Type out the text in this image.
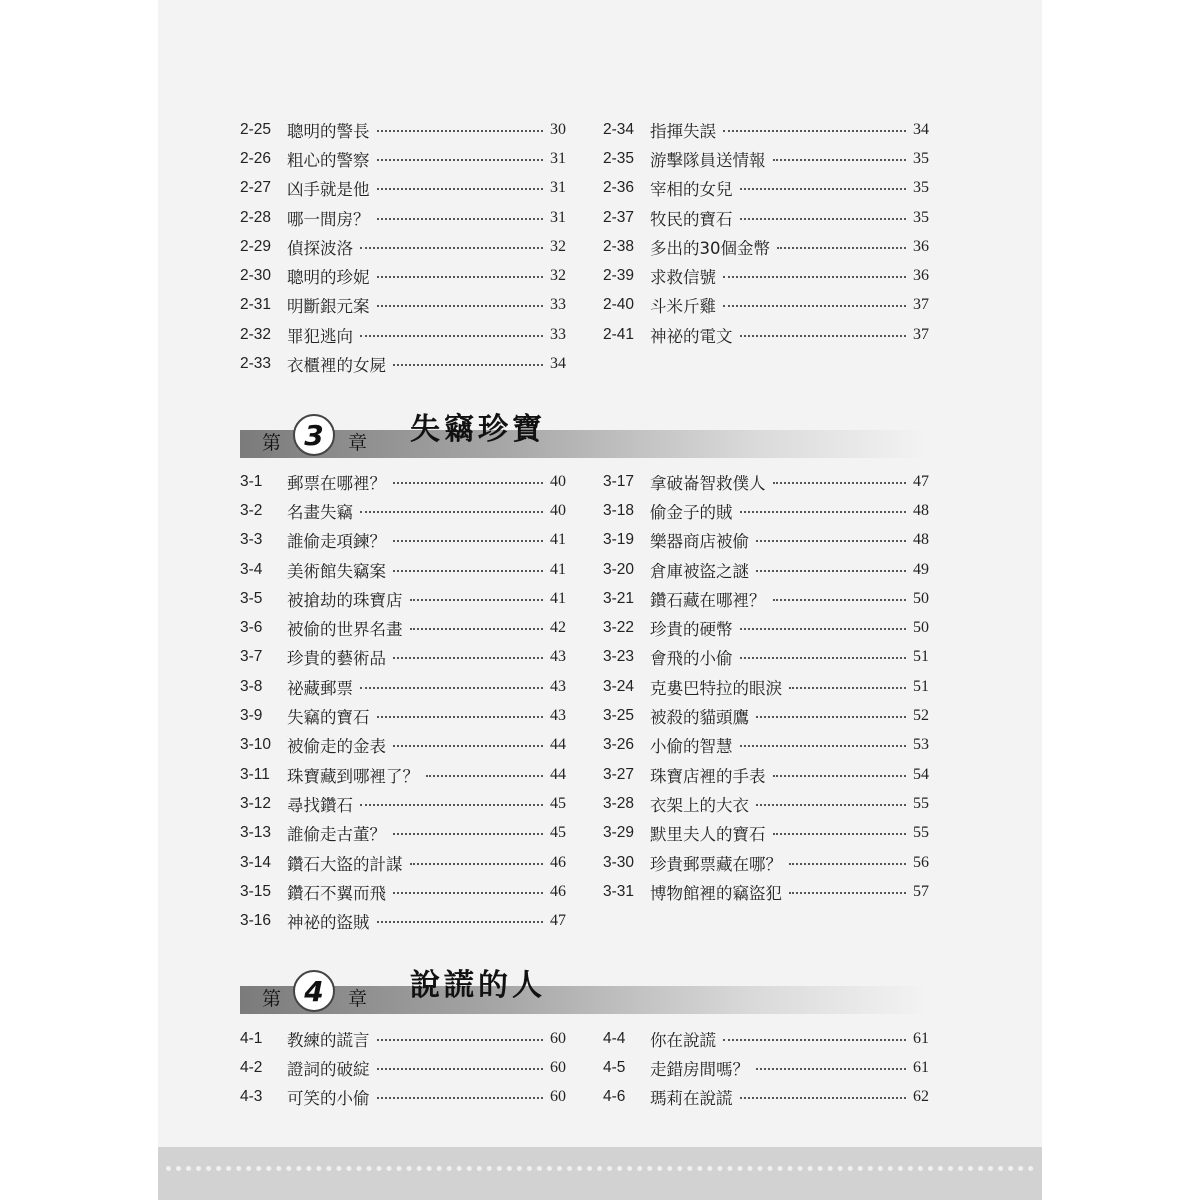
2-25 聰明的警長	30
2-26 粗心的警察	31
2-27 凶手就是他	31
2-28 哪一間房？	31
2-29 偵探波洛	32
2-30 聰明的珍妮	32
2-31 明斷銀元案	33
2-32 罪犯逃向	33
2-33 衣櫃裡的女屍	34
2-34 指揮失誤	34
2-35 游擊隊員送情報	35
2-36 宰相的女兒	35
2-37 牧民的寶石	35
2-38 多出的30個金幣	36
2-39 求救信號	36
2-40 斗米斤雞	37
2-41 神祕的電文	37
第 3	章 失竊珍寶
3-1	郵票在哪裡？	40
3-2	名畫失竊	40
3-3	誰偷走項鍊？	41
3-4	美術館失竊案	41
3-5	被搶劫的珠寶店	41
3-6	被偷的世界名畫	42
3-7	珍貴的藝術品	43
3-8	祕藏郵票	43
3-9	失竊的寶石	43
3-10 被偷走的金表	44
3-11	珠寶藏到哪裡了？	44
3-12 尋找鑽石	45
3-13 誰偷走古董？	45
3-14 鑽石大盜的計謀	46
3-15 鑽石不翼而飛	46
3-16 神祕的盜賊	47
3-17 拿破崙智救僕人	47
3-18 偷金子的賊	48
3-19 樂器商店被偷	48
3-20 倉庫被盜之謎	49
3-21 鑽石藏在哪裡？	50
3-22 珍貴的硬幣	50
3-23 會飛的小偷	51
3-24 克婁巴特拉的眼淚	51
3-25 被殺的貓頭鷹	52
3-26 小偷的智慧	53
3-27 珠寶店裡的手表	54
3-28 衣架上的大衣	55
3-29 默里夫人的寶石	55
3-30 珍貴郵票藏在哪？	56
3-31 博物館裡的竊盜犯	57
第 4	章 說謊的人
4-1	教練的謊言	60
4-2	證詞的破綻	60
4-3	可笑的小偷	60
4-4	你在說謊	61
4-5	走錯房間嗎？	61
4-6	瑪莉在說謊	62
